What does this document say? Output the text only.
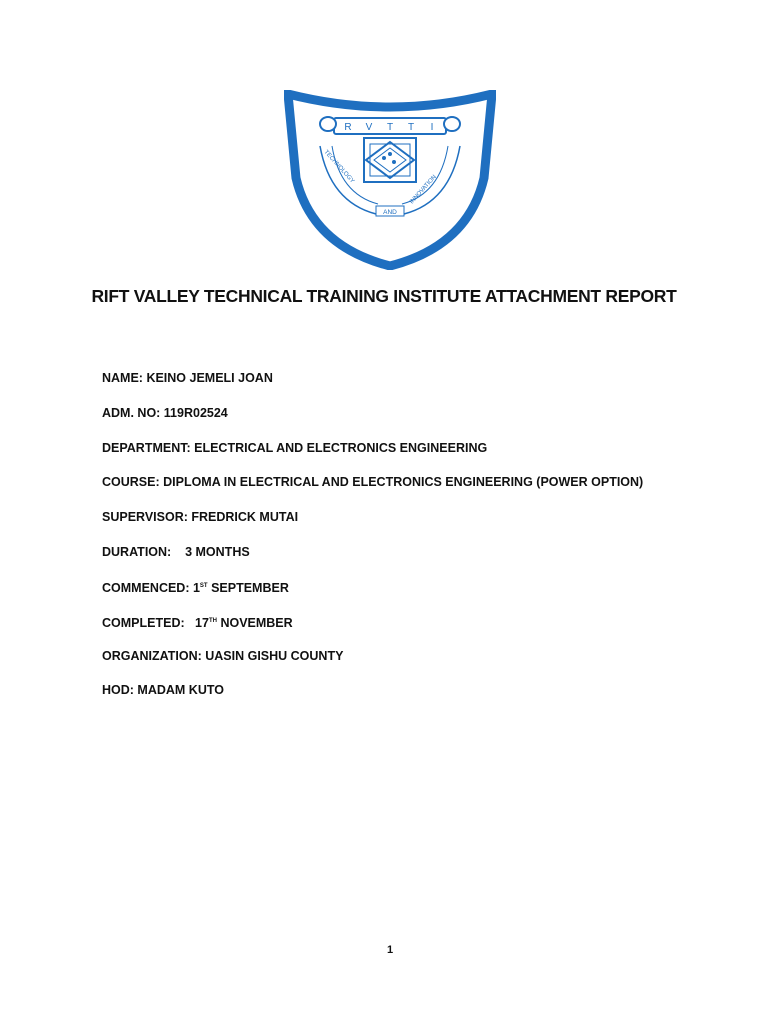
R V T T I
TECHNOLOGY
INNOVATION
AND
RIFT VALLEY TECHNICAL TRAINING INSTITUTE ATTACHMENT REPORT
NAME: KEINO JEMELI JOAN
ADM. NO: 119R02524
DEPARTMENT: ELECTRICAL AND ELECTRONICS ENGINEERING
COURSE: DIPLOMA IN ELECTRICAL AND ELECTRONICS ENGINEERING (POWER OPTION)
SUPERVISOR: FREDRICK MUTAI
DURATION:    3 MONTHS
COMMENCED: 1ST SEPTEMBER
COMPLETED:   17TH NOVEMBER
ORGANIZATION: UASIN GISHU COUNTY
HOD: MADAM KUTO
1
